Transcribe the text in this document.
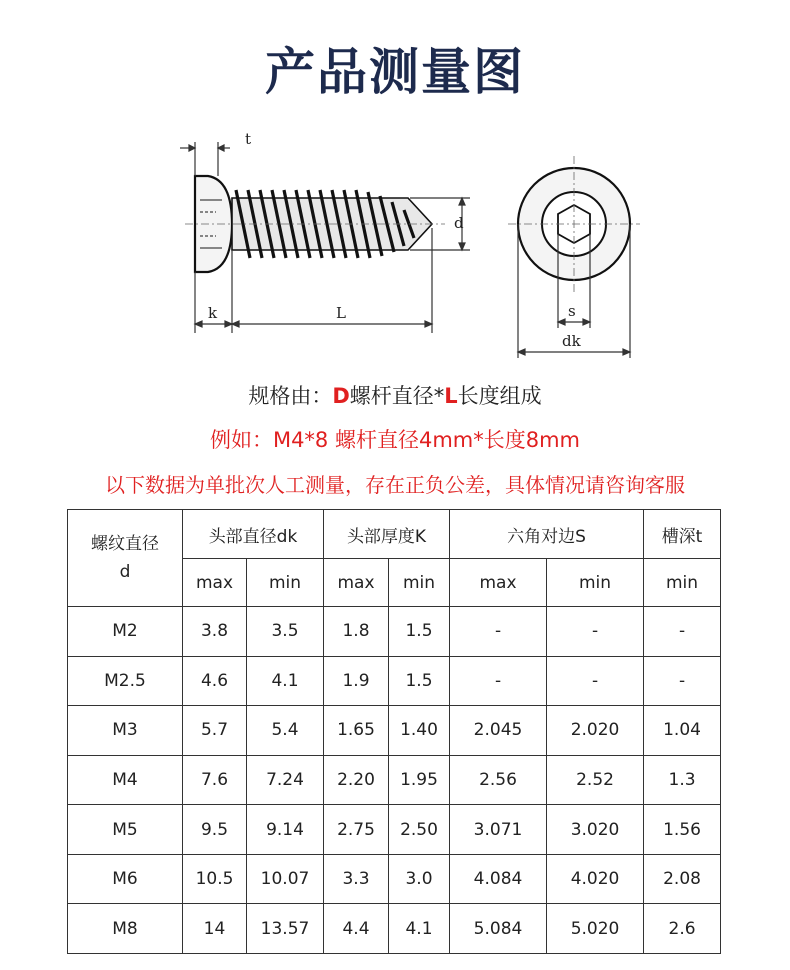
产品测量图
t
d
k	L	s
dk
规格由：D螺杆直径*L长度组成
例如：M4*8 螺杆直径4mm*长度8mm
以下数据为单批次人工测量，存在正负公差，具体情况请咨询客服
螺纹直径
d	头部直径dk		头部厚度K		六角对边S		槽深t
	max	min	max	min	max	min	min
M2	3.8	3.5	1.8	1.5	-	-	-
M2.5	4.6	4.1	1.9	1.5	-	-	-
M3	5.7	5.4	1.65	1.40	2.045	2.020	1.04
M4	7.6	7.24	2.20	1.95	2.56	2.52	1.3
M5	9.5	9.14	2.75	2.50	3.071	3.020	1.56
M6	10.5	10.07	3.3	3.0	4.084	4.020	2.08
M8	14	13.57	4.4	4.1	5.084	5.020	2.6
